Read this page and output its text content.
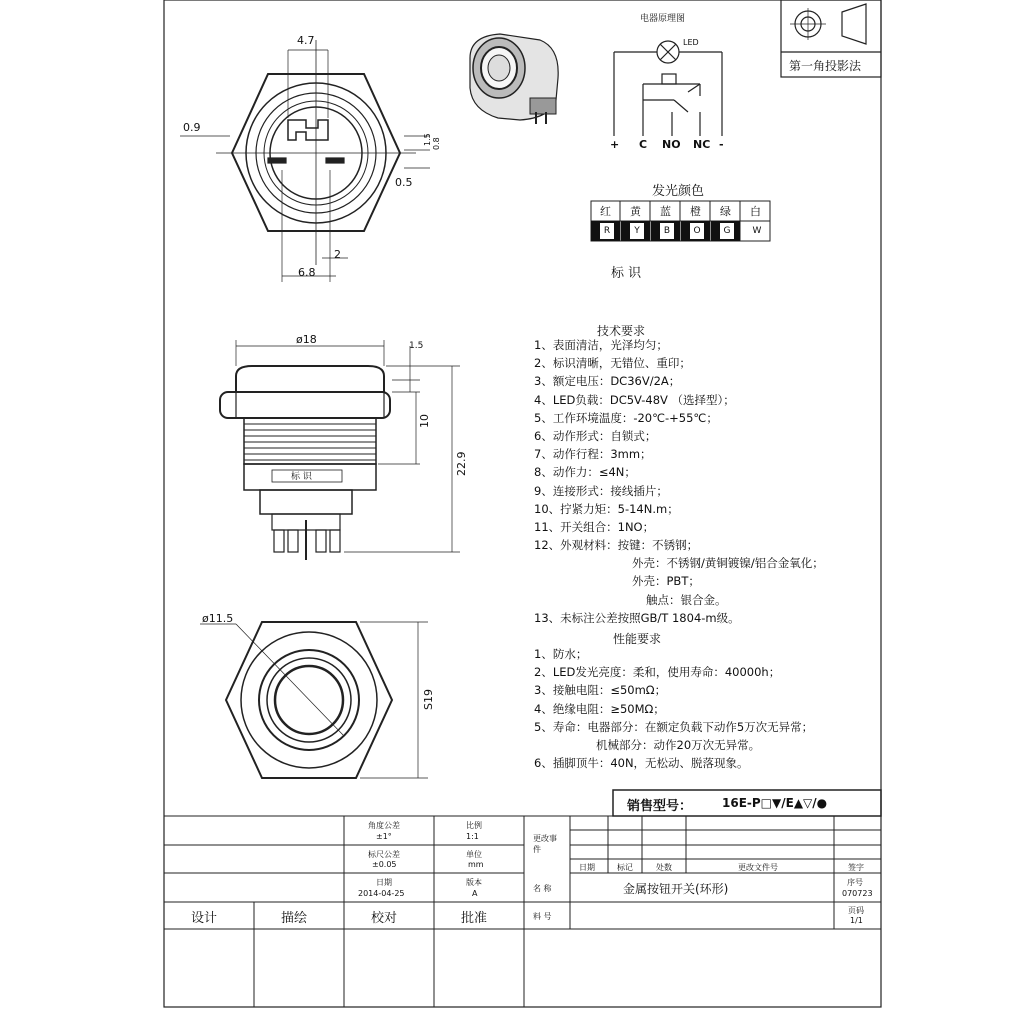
4.7
0.9
1.5 0.8
0.5
2
6.8
电器原理图
LED
+ C NO NC -
第一角投影法
发光颜色
红	黄	蓝	橙	绿	白
R	Y	B	O	G	W
标 识
ø18	1.5
10
22.9
标 识
ø11.5
S19
技术要求
1、表面清洁，光泽均匀；
2、标识清晰，无错位、重印；
3、额定电压：DC36V/2A；
4、LED负载：DC5V-48V （选择型）；
5、工作环境温度：-20℃-+55℃；
6、动作形式：自锁式；
7、动作行程：3mm；
8、动作力：≤4N；
9、连接形式：接线插片；
10、拧紧力矩：5-14N.m；
11、开关组合：1NO；
12、外观材料：按键：不锈钢；
外壳：不锈钢/黄铜镀镍/铝合金氧化；
外壳：PBT；
触点：银合金。
13、未标注公差按照GB/T 1804-m级。
性能要求
1、防水；
2、LED发光亮度：柔和，使用寿命：40000h；
3、接触电阻：≤50mΩ；
4、绝缘电阻：≥50MΩ；
5、寿命：电器部分：在额定负载下动作5万次无异常；
机械部分：动作20万次无异常。
6、插脚顶牛：40N，无松动、脱落现象。
销售型号： 16E-P□▼/E▲▽/●
角度公差
±1°
比例
1:1
标尺公差
±0.05
单位
mm
日期
2014-04-25
版本
A
更改事件
日期	标记	处数	更改文件号	签字
名 称	金属按钮开关(环形)	序号
070723
料 号
页码
1/1
设计	描绘	校对	批准
